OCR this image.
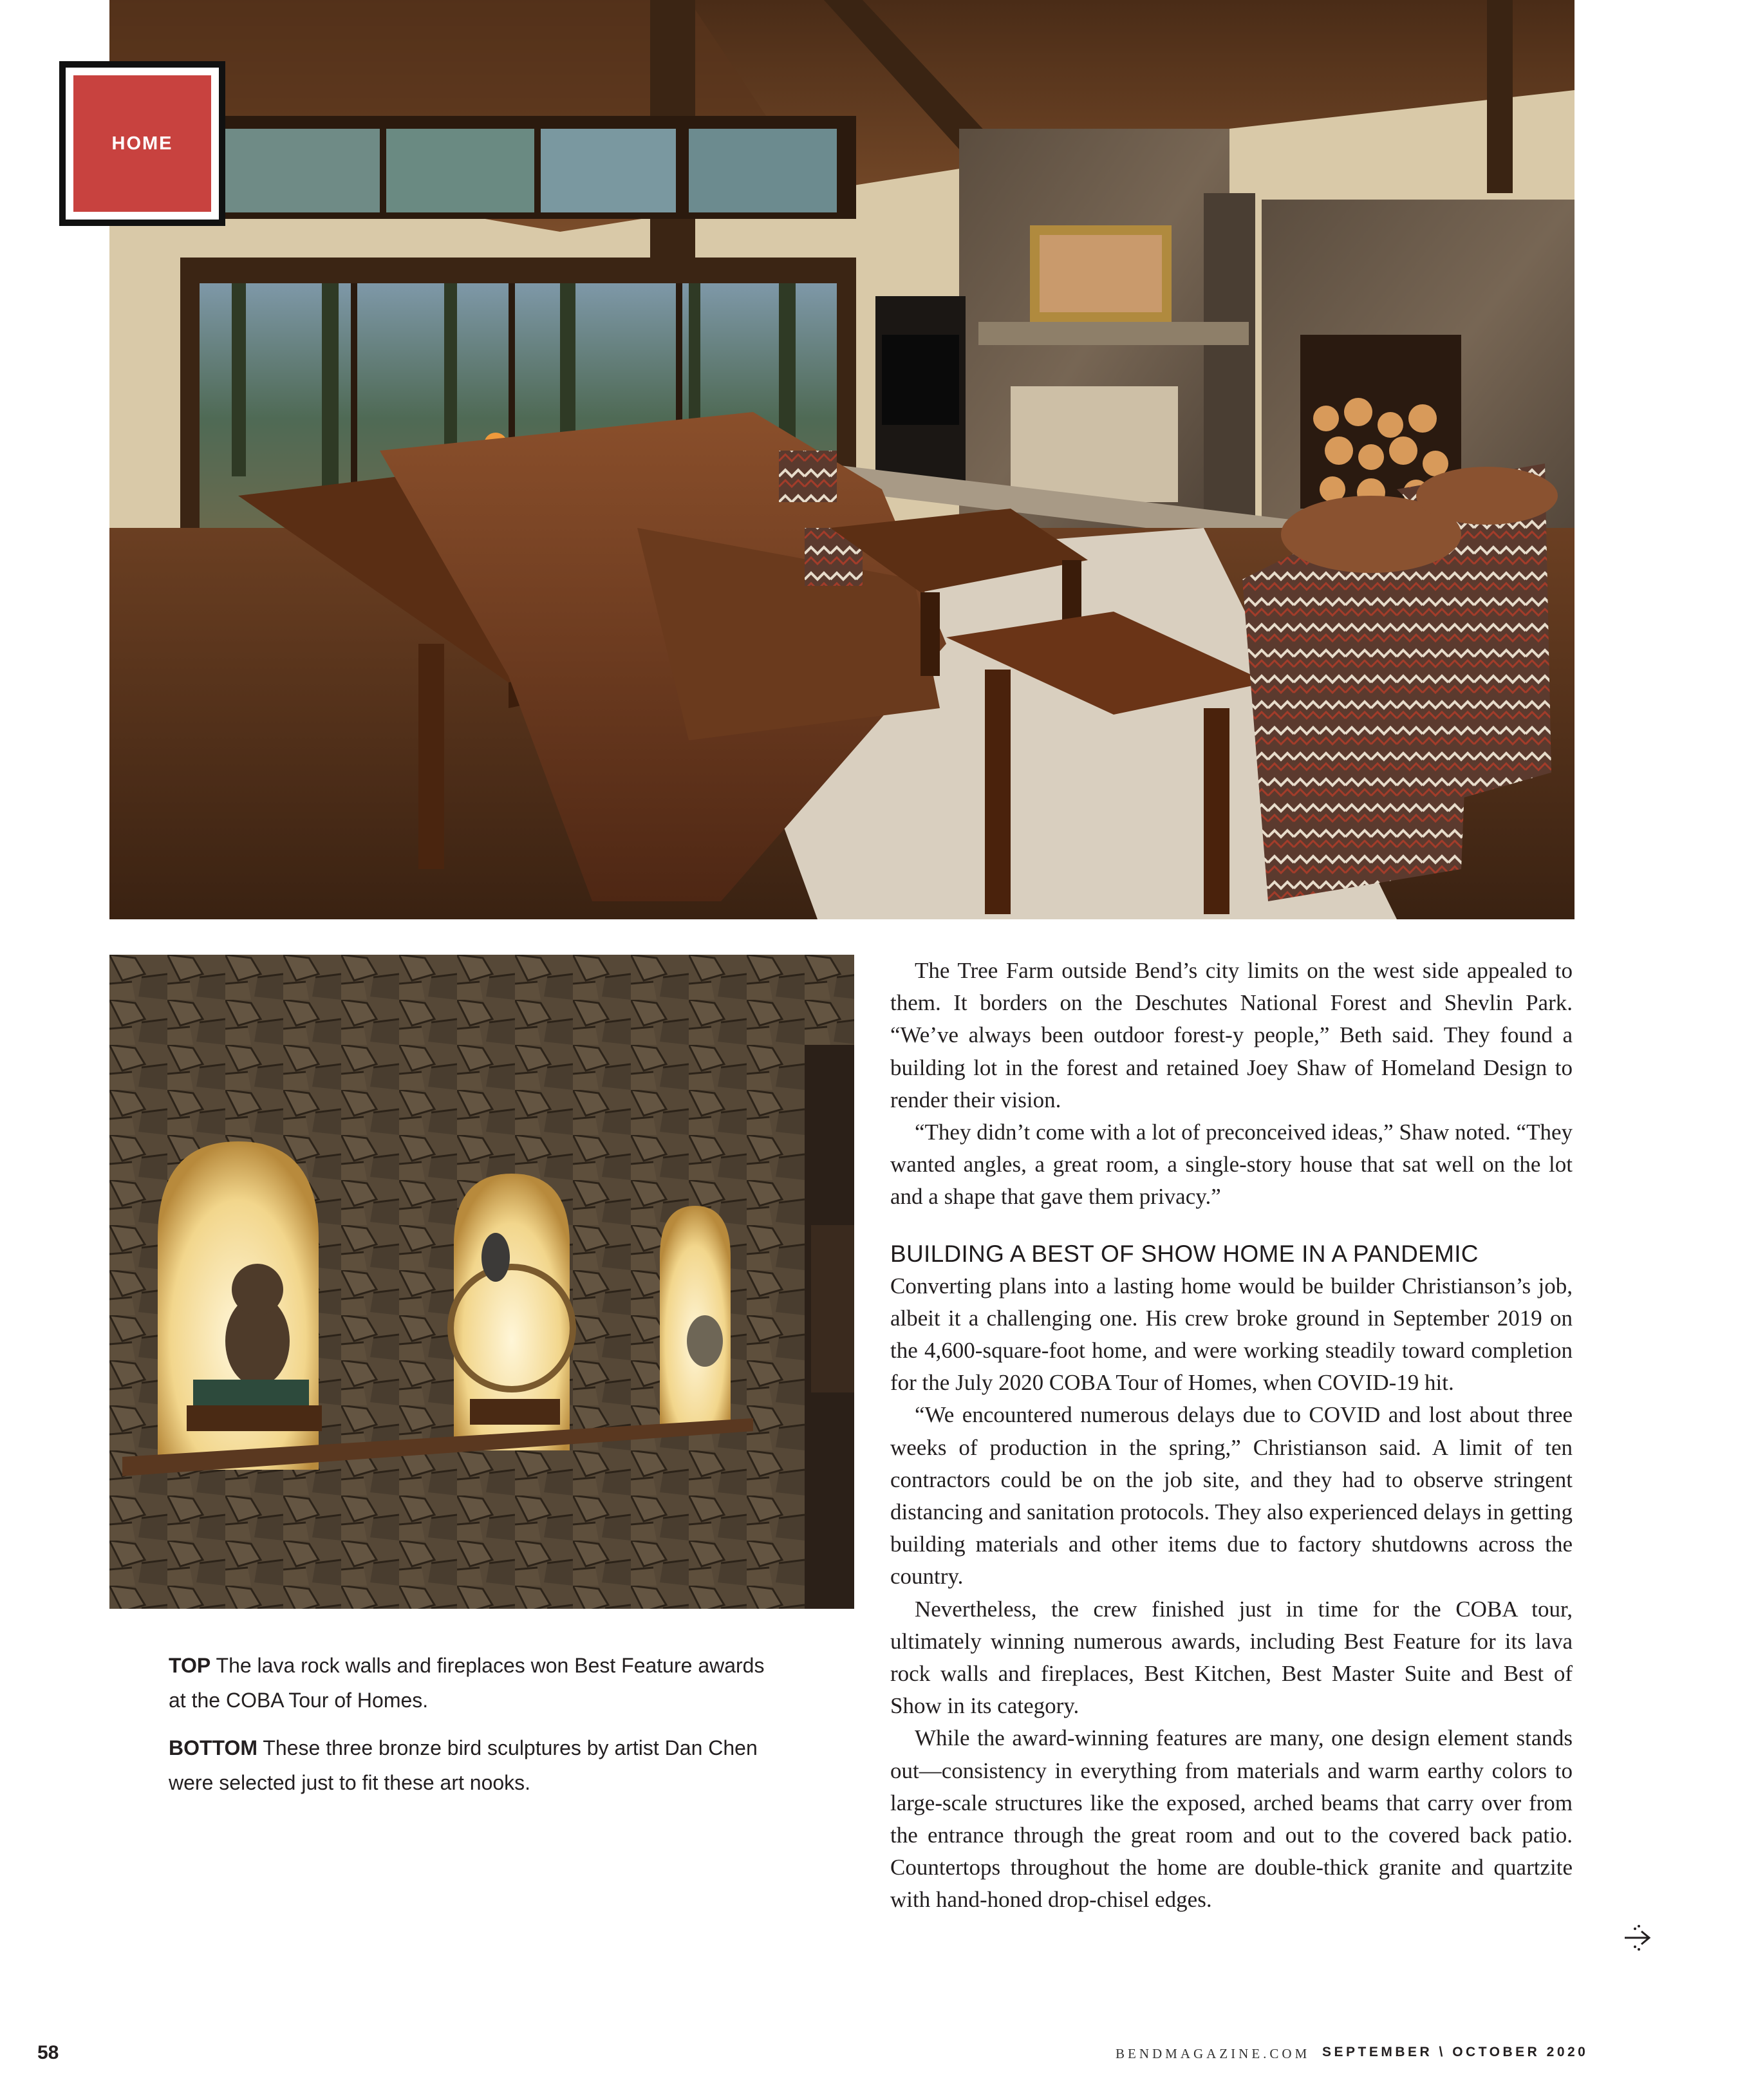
HOME
TOP The lava rock walls and fireplaces won Best Feature awards at the COBA Tour of Homes.
BOTTOM These three bronze bird sculptures by artist Dan Chen were selected just to fit these art nooks.

The Tree Farm outside Bend’s city limits on the west side appealed to them. It borders on the Deschutes National Forest and Shevlin Park. “We’ve always been outdoor forest-y people,” Beth said. They found a building lot in the forest and retained Joey Shaw of Homeland Design to render their vision.

“They didn’t come with a lot of preconceived ideas,” Shaw noted. “They wanted angles, a great room, a single-story house that sat well on the lot and a shape that gave them privacy.”

BUILDING A BEST OF SHOW HOME IN A PANDEMIC

Converting plans into a lasting home would be builder Christianson’s job, albeit it a challenging one. His crew broke ground in September 2019 on the 4,600-square-foot home, and were working steadily toward completion for the July 2020 COBA Tour of Homes, when COVID-19 hit.

“We encountered numerous delays due to COVID and lost about three weeks of production in the spring,” Christianson said. A limit of ten contractors could be on the job site, and they had to observe stringent distancing and sanitation protocols. They also experienced delays in getting building materials and other items due to factory shutdowns across the country.

Nevertheless, the crew finished just in time for the COBA tour, ultimately winning numerous awards, including Best Feature for its lava rock walls and fireplaces, Best Kitchen, Best Master Suite and Best of Show in its category.

While the award-winning features are many, one design element stands out—consistency in everything from materials and warm earthy colors to large-scale structures like the exposed, arched beams that carry over from the entrance through the great room and out to the covered back patio. Countertops throughout the home are double-thick granite and quartzite with hand-honed drop-chisel edges.

58	BENDMAGAZINE.COM SEPTEMBER \ OCTOBER 2020
